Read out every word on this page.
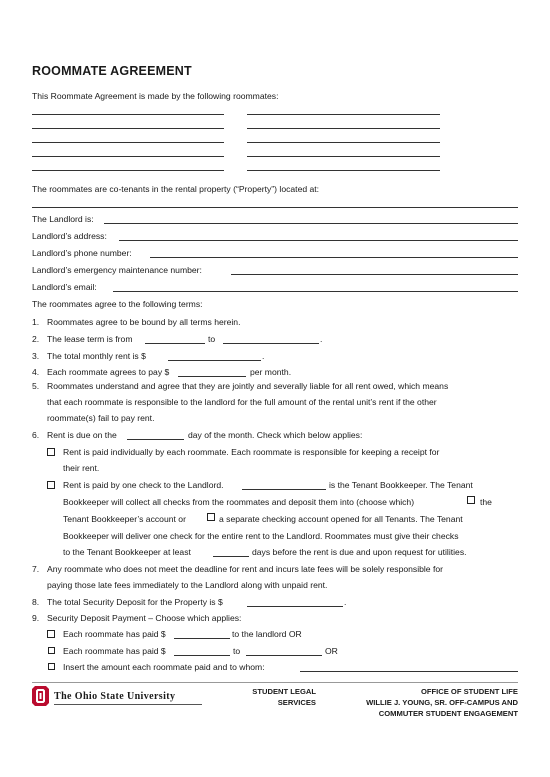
ROOMMATE AGREEMENT
This Roommate Agreement is made by the following roommates:
The roommates are co-tenants in the rental property (“Property”) located at:
The Landlord is:
Landlord’s address:
Landlord’s phone number:
Landlord’s emergency maintenance number:
Landlord’s email:
The roommates agree to the following terms:
1. Roommates agree to be bound by all terms herein.
2. The lease term is from	to	.
3. The total monthly rent is $	.
4. Each roommate agrees to pay $	per month.
5. Roommates understand and agree that they are jointly and severally liable for all rent owed, which means
that each roommate is responsible to the landlord for the full amount of the rental unit’s rent if the other
roommate(s) fail to pay rent.
6. Rent is due on the	day of the month. Check which below applies:
Rent is paid individually by each roommate. Each roommate is responsible for keeping a receipt for
their rent.
Rent is paid by one check to the Landlord.	is the Tenant Bookkeeper. The Tenant
Bookkeeper will collect all checks from the roommates and deposit them into (choose which)	the
Tenant Bookkeeper’s account or	a separate checking account opened for all Tenants. The Tenant
Bookkeeper will deliver one check for the entire rent to the Landlord. Roommates must give their checks
to the Tenant Bookkeeper at least	days before the rent is due and upon request for utilities.
7. Any roommate who does not meet the deadline for rent and incurs late fees will be solely responsible for
paying those late fees immediately to the Landlord along with unpaid rent.
8. The total Security Deposit for the Property is $	.
9. Security Deposit Payment – Choose which applies:
Each roommate has paid $	to the landlord OR
Each roommate has paid $	to	OR
Insert the amount each roommate paid and to whom:
The Ohio State University	STUDENT LEGAL
SERVICES
OFFICE OF STUDENT LIFE
WILLIE J. YOUNG, SR. OFF-CAMPUS AND
COMMUTER STUDENT ENGAGEMENT
